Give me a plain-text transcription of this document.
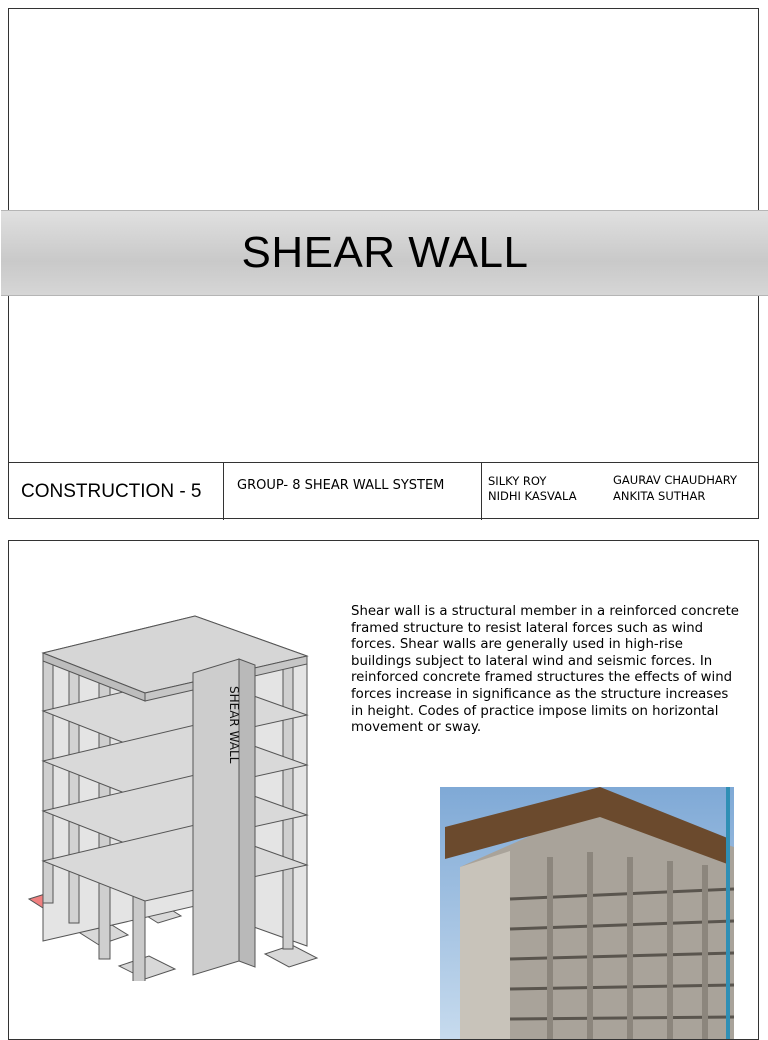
SHEAR WALL
CONSTRUCTION - 5	GROUP- 8 SHEAR WALL SYSTEM	SILKY ROY
NIDHI KASVALA
GAURAV CHAUDHARY
ANKITA SUTHAR
Shear wall is a structural member in a reinforced concrete framed structure to resist lateral forces such as wind forces. Shear walls are generally used in high-rise buildings subject to lateral wind and seismic forces. In reinforced concrete framed structures the effects of wind forces increase in significance as the structure increases in height. Codes of practice impose limits on horizontal movement or sway.
SHEAR WALL
